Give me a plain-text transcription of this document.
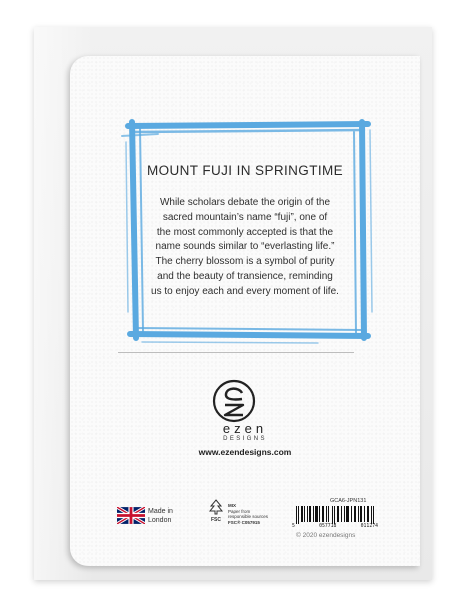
MOUNT FUJI IN SPRINGTIME
While scholars debate the origin of the
sacred mountain’s name “fuji”, one of
the most commonly accepted is that the
name sounds similar to “everlasting life.”
The cherry blossom is a symbol of purity
and the beauty of transience, reminding
us to enjoy each and every moment of life.
ezen
DESIGNS
www.ezendesigns.com
Made in
London	FSC
MIX
Paper from
responsible sources
FSC® C057915
GCA6-JPN131
5	057718	011274
© 2020 ezendesigns
